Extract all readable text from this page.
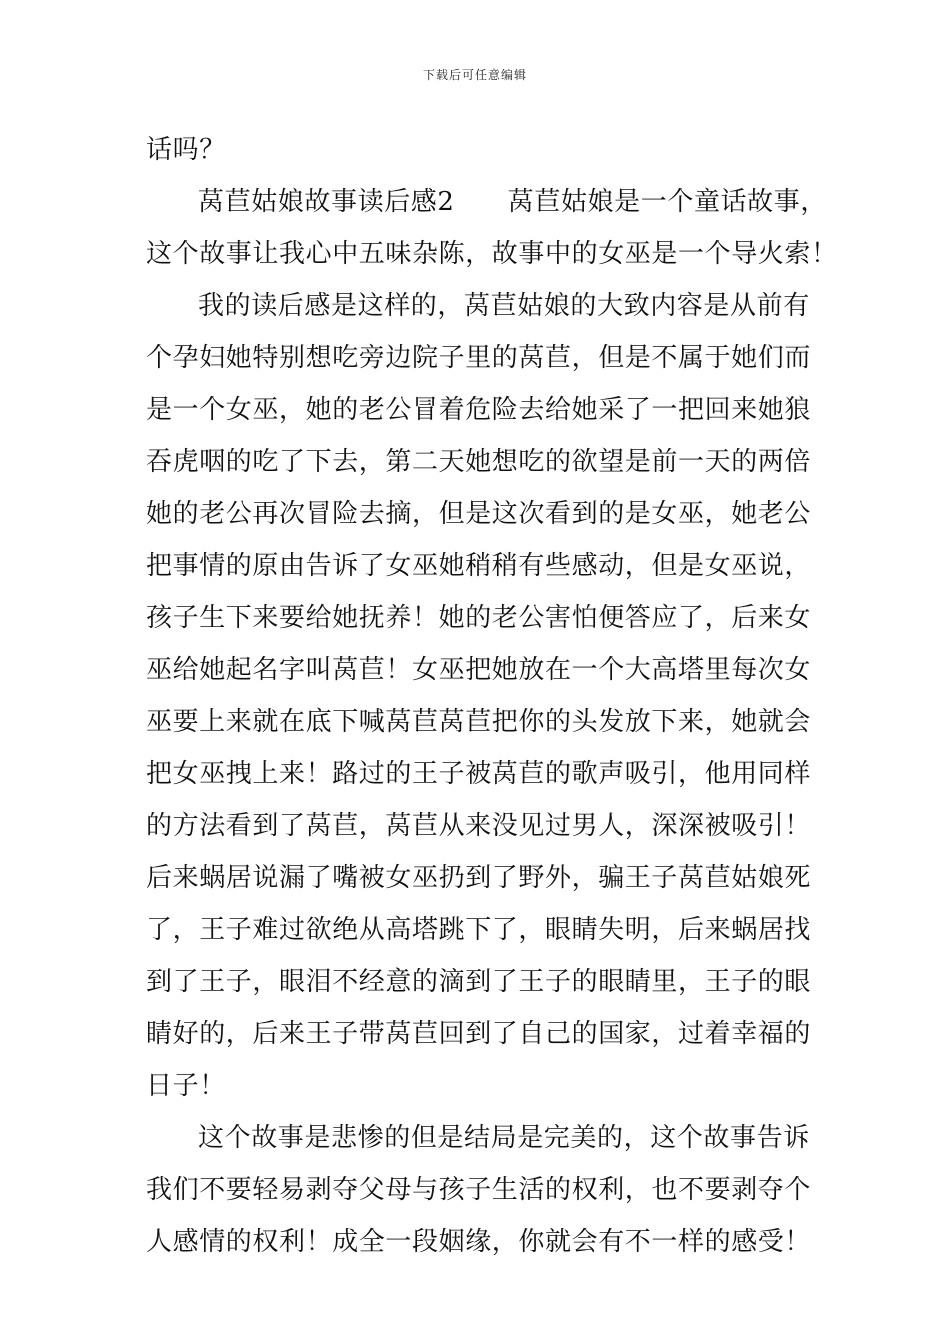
下载后可任意编辑
话吗？
莴苣姑娘故事读后感2　　莴苣姑娘是一个童话故事，
这个故事让我心中五味杂陈，故事中的女巫是一个导火索！
我的读后感是这样的，莴苣姑娘的大致内容是从前有
个孕妇她特别想吃旁边院子里的莴苣，但是不属于她们而
是一个女巫，她的老公冒着危险去给她采了一把回来她狼
吞虎咽的吃了下去，第二天她想吃的欲望是前一天的两倍
她的老公再次冒险去摘，但是这次看到的是女巫，她老公
把事情的原由告诉了女巫她稍稍有些感动，但是女巫说，
孩子生下来要给她抚养！她的老公害怕便答应了，后来女
巫给她起名字叫莴苣！女巫把她放在一个大高塔里每次女
巫要上来就在底下喊莴苣莴苣把你的头发放下来，她就会
把女巫拽上来！路过的王子被莴苣的歌声吸引，他用同样
的方法看到了莴苣，莴苣从来没见过男人，深深被吸引！
后来蜗居说漏了嘴被女巫扔到了野外，骗王子莴苣姑娘死
了，王子难过欲绝从高塔跳下了，眼睛失明，后来蜗居找
到了王子，眼泪不经意的滴到了王子的眼睛里，王子的眼
睛好的，后来王子带莴苣回到了自己的国家，过着幸福的
日子！
这个故事是悲惨的但是结局是完美的，这个故事告诉
我们不要轻易剥夺父母与孩子生活的权利，也不要剥夺个
人感情的权利！成全一段姻缘，你就会有不一样的感受！
